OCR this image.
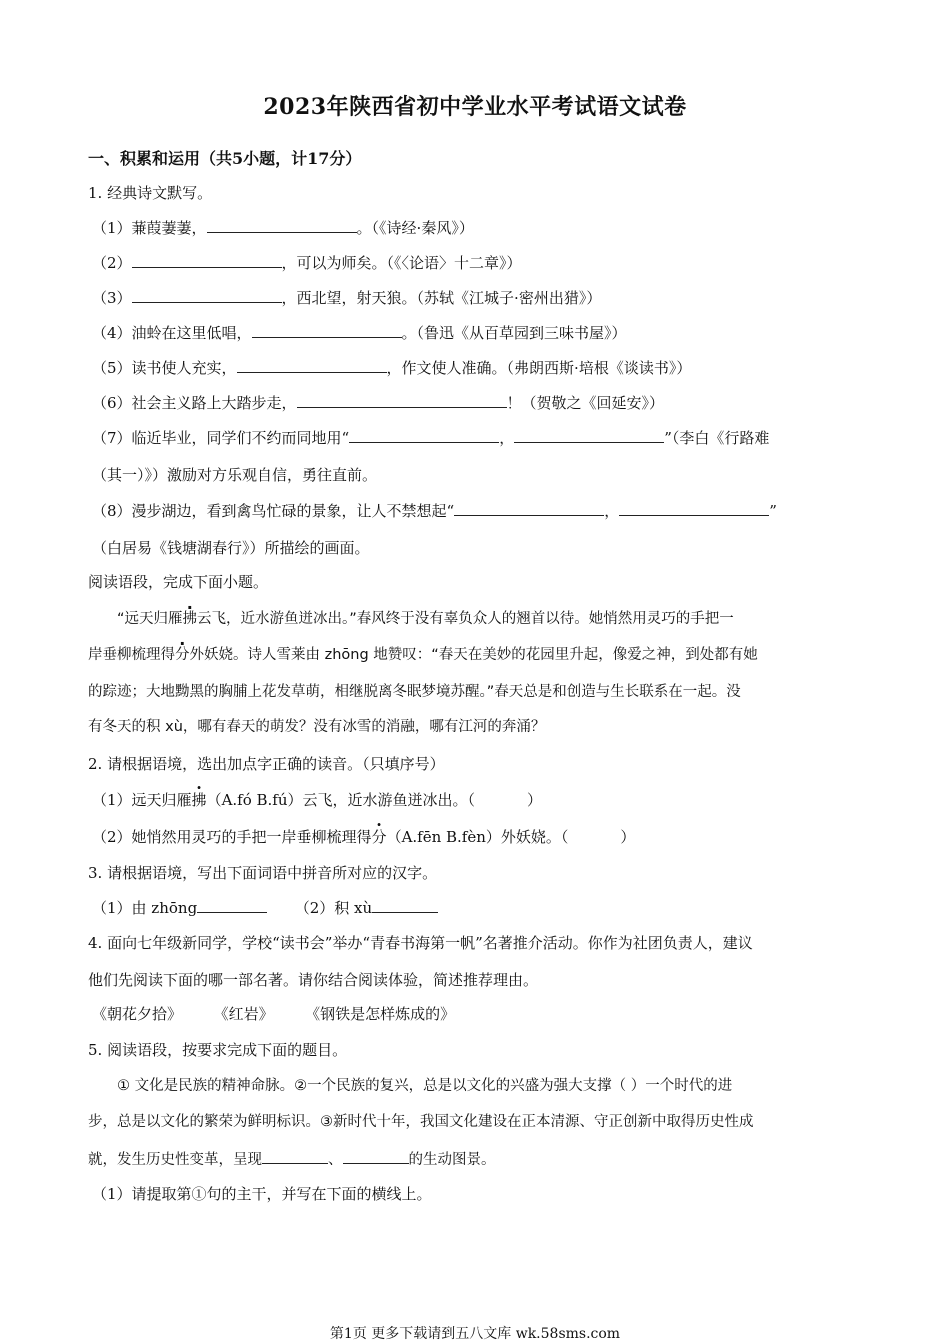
2023年陕西省初中学业水平考试语文试卷
一、积累和运用（共5小题，计17分）
1. 经典诗文默写。
（1）蒹葭萋萋，	。（《诗经·秦风》）
（2）	，可以为师矣。（《〈论语〉十二章》）
（3）	，西北望，射天狼。（苏轼《江城子·密州出猎》）
（4）油蛉在这里低唱，	。（鲁迅《从百草园到三味书屋》）
（5）读书使人充实，	，作文使人准确。（弗朗西斯·培根《谈读书》）
（6）社会主义路上大踏步走，	！（贺敬之《回延安》）
（7）临近毕业，同学们不约而同地用“	，	”（李白《行路难
（其一）》）激励对方乐观自信，勇往直前。
（8）漫步湖边，看到禽鸟忙碌的景象，让人不禁想起“	，	”
（白居易《钱塘湖春行》）所描绘的画面。
阅读语段，完成下面小题。
“远天归雁拂云飞，近水游鱼迸冰出。”春风终于没有辜负众人的翘首以待。她悄然用灵巧的手把一
岸垂柳梳理得分外妖娆。诗人雪莱由 zhōng 地赞叹：“春天在美妙的花园里升起，像爱之神，到处都有她
的踪迹；大地黝黑的胸脯上花发草萌，相继脱离冬眠梦境苏醒。”春天总是和创造与生长联系在一起。没
有冬天的积 xù，哪有春天的萌发？没有冰雪的消融，哪有江河的奔涌？
2. 请根据语境，选出加点字正确的读音。（只填序号）
（1）远天归雁拂（A.fó B.fú）云飞，近水游鱼迸冰出。（	）
（2）她悄然用灵巧的手把一岸垂柳梳理得分（A.fēn B.fèn）外妖娆。（	）
3. 请根据语境，写出下面词语中拼音所对应的汉字。
（1）由 zhōng	（2）积 xù
4. 面向七年级新同学，学校“读书会”举办“青春书海第一帆”名著推介活动。你作为社团负责人，建议
他们先阅读下面的哪一部名著。请你结合阅读体验，简述推荐理由。
《朝花夕拾》 《红岩》 《钢铁是怎样炼成的》
5. 阅读语段，按要求完成下面的题目。
① 文化是民族的精神命脉。②一个民族的复兴，总是以文化的兴盛为强大支撑（ ）一个时代的进
步，总是以文化的繁荣为鲜明标识。③新时代十年，我国文化建设在正本清源、守正创新中取得历史性成
就，发生历史性变革，呈现	、	的生动图景。
（1）请提取第①句的主干，并写在下面的横线上。
第1页 更多下载请到五八文库 wk.58sms.com
